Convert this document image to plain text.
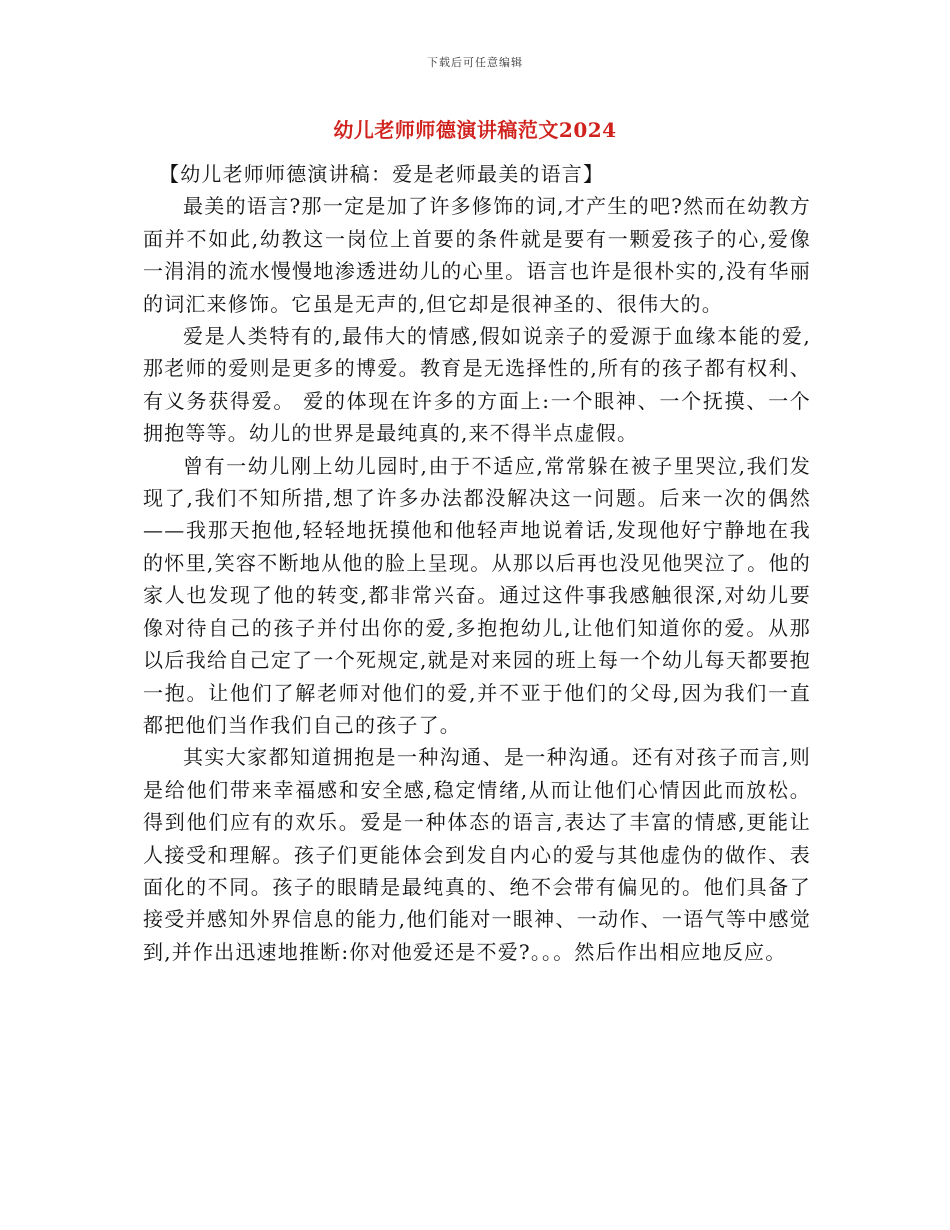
下载后可任意编辑
幼儿老师师德演讲稿范文2024

【幼儿老师师德演讲稿：爱是老师最美的语言】

最美的语言?那一定是加了许多修饰的词,才产生的吧?然而在幼教方面并不如此,幼教这一岗位上首要的条件就是要有一颗爱孩子的心,爱像一涓涓的流水慢慢地渗透进幼儿的心里。语言也许是很朴实的,没有华丽的词汇来修饰。它虽是无声的,但它却是很神圣的、很伟大的。

爱是人类特有的,最伟大的情感,假如说亲子的爱源于血缘本能的爱,那老师的爱则是更多的博爱。教育是无选择性的,所有的孩子都有权利、有义务获得爱。 爱的体现在许多的方面上:一个眼神、一个抚摸、一个拥抱等等。幼儿的世界是最纯真的,来不得半点虚假。

曾有一幼儿刚上幼儿园时,由于不适应,常常躲在被子里哭泣,我们发现了,我们不知所措,想了许多办法都没解决这一问题。后来一次的偶然——我那天抱他,轻轻地抚摸他和他轻声地说着话,发现他好宁静地在我的怀里,笑容不断地从他的脸上呈现。从那以后再也没见他哭泣了。他的家人也发现了他的转变,都非常兴奋。通过这件事我感触很深,对幼儿要像对待自己的孩子并付出你的爱,多抱抱幼儿,让他们知道你的爱。从那以后我给自己定了一个死规定,就是对来园的班上每一个幼儿每天都要抱一抱。让他们了解老师对他们的爱,并不亚于他们的父母,因为我们一直都把他们当作我们自己的孩子了。

其实大家都知道拥抱是一种沟通、是一种沟通。还有对孩子而言,则是给他们带来幸福感和安全感,稳定情绪,从而让他们心情因此而放松。得到他们应有的欢乐。爱是一种体态的语言,表达了丰富的情感,更能让人接受和理解。孩子们更能体会到发自内心的爱与其他虚伪的做作、表面化的不同。孩子的眼睛是最纯真的、绝不会带有偏见的。他们具备了接受并感知外界信息的能力,他们能对一眼神、一动作、一语气等中感觉到,并作出迅速地推断:你对他爱还是不爱?。。。然后作出相应地反应。
